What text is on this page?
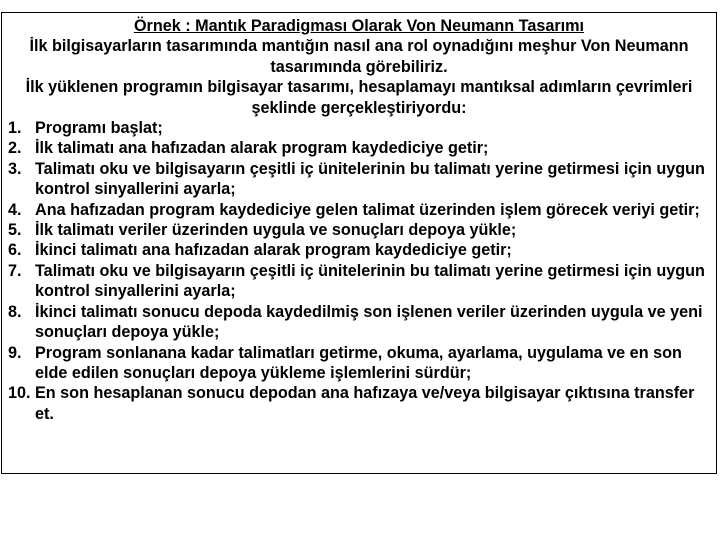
Örnek : Mantık Paradigması Olarak Von Neumann Tasarımı

İlk bilgisayarların tasarımında mantığın nasıl ana rol oynadığını meşhur Von Neumann tasarımında görebiliriz.

İlk yüklenen programın bilgisayar tasarımı, hesaplamayı mantıksal adımların çevrimleri şeklinde gerçekleştiriyordu:

1. Programı başlat;
2. İlk talimatı ana hafızadan alarak program kaydediciye getir;
3. Talimatı oku ve bilgisayarın çeşitli iç ünitelerinin bu talimatı yerine getirmesi için uygun kontrol sinyallerini ayarla;
4. Ana hafızadan program kaydediciye gelen talimat üzerinden işlem görecek veriyi getir;
5. İlk talimatı veriler üzerinden uygula ve sonuçları depoya yükle;
6. İkinci talimatı ana hafızadan alarak program kaydediciye getir;
7. Talimatı oku ve bilgisayarın çeşitli iç ünitelerinin bu talimatı yerine getirmesi için uygun kontrol sinyallerini ayarla;
8. İkinci talimatı sonucu depoda kaydedilmiş son işlenen veriler üzerinden uygula ve yeni sonuçları depoya yükle;
9. Program sonlanana kadar talimatları getirme, okuma, ayarlama, uygulama ve en son elde edilen sonuçları depoya yükleme işlemlerini sürdür;
10. En son hesaplanan sonucu depodan ana hafızaya ve/veya bilgisayar çıktısına transfer et.
